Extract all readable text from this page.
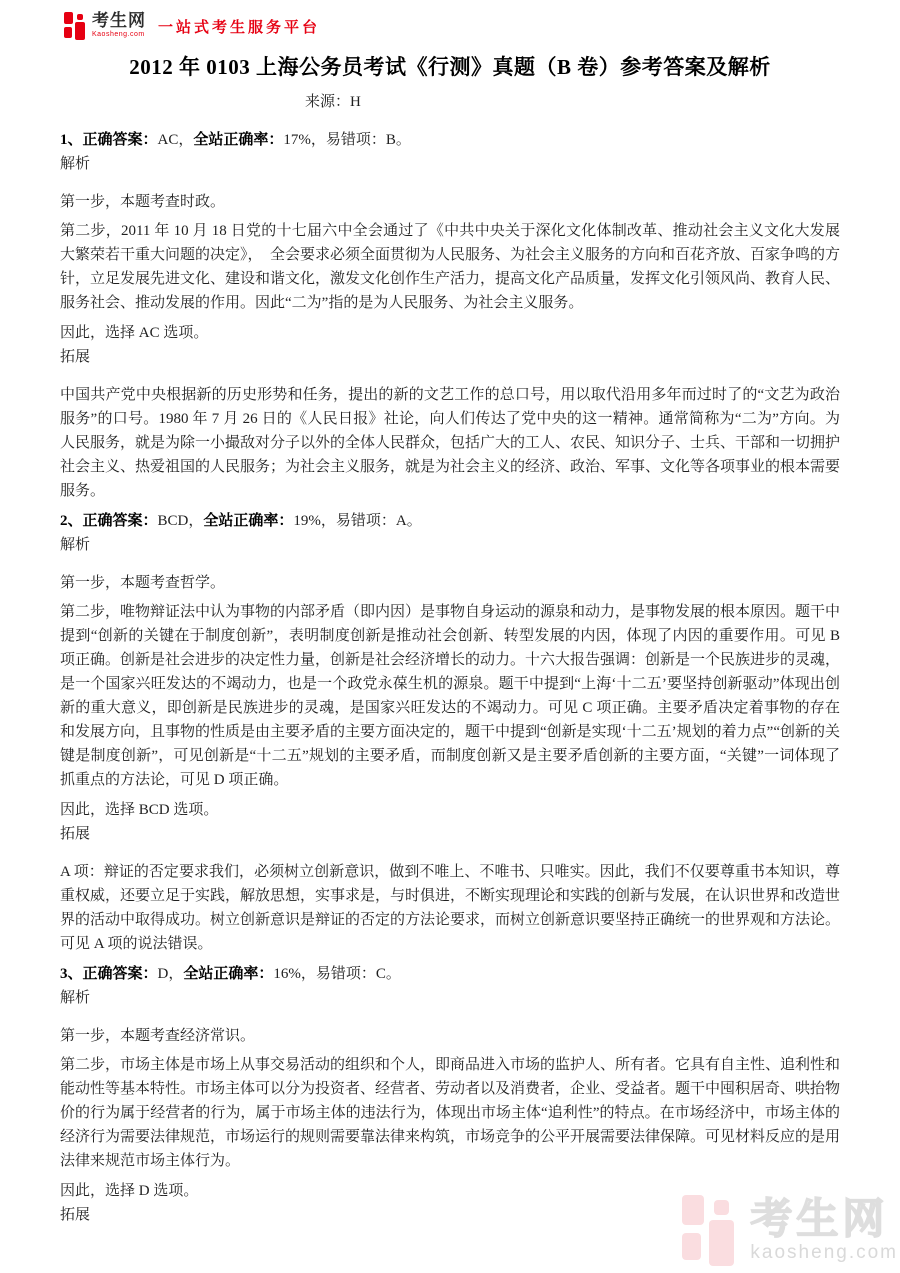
考生网
Kaosheng.com 一站式考生服务平台
2012 年 0103 上海公务员考试《行测》真题（B 卷）参考答案及解析

来源：H

1、正确答案：AC，全站正确率：17%，易错项：B。

解析

第一步，本题考查时政。

第二步，2011 年 10 月 18 日党的十七届六中全会通过了《中共中央关于深化文化体制改革、推动社会主义文化大发展大繁荣若干重大问题的决定》，　全会要求必须全面贯彻为人民服务、为社会主义服务的方向和百花齐放、百家争鸣的方针，立足发展先进文化、建设和谐文化，激发文化创作生产活力，提高文化产品质量，发挥文化引领风尚、教育人民、服务社会、推动发展的作用。因此“二为”指的是为人民服务、为社会主义服务。

因此，选择 AC 选项。

拓展

中国共产党中央根据新的历史形势和任务，提出的新的文艺工作的总口号，用以取代沿用多年而过时了的“文艺为政治服务”的口号。1980 年 7 月 26 日的《人民日报》社论，向人们传达了党中央的这一精神。通常简称为“二为”方向。为人民服务，就是为除一小撮敌对分子以外的全体人民群众，包括广大的工人、农民、知识分子、士兵、干部和一切拥护社会主义、热爱祖国的人民服务；为社会主义服务，就是为社会主义的经济、政治、军事、文化等各项事业的根本需要服务。

2、正确答案：BCD，全站正确率：19%，易错项：A。

解析

第一步，本题考查哲学。

第二步，唯物辩证法中认为事物的内部矛盾（即内因）是事物自身运动的源泉和动力，是事物发展的根本原因。题干中提到“创新的关键在于制度创新”，表明制度创新是推动社会创新、转型发展的内因，体现了内因的重要作用。可见 B 项正确。创新是社会进步的决定性力量，创新是社会经济增长的动力。十六大报告强调：创新是一个民族进步的灵魂，是一个国家兴旺发达的不竭动力，也是一个政党永葆生机的源泉。题干中提到“上海‘十二五’要坚持创新驱动”体现出创新的重大意义，即创新是民族进步的灵魂，是国家兴旺发达的不竭动力。可见 C 项正确。主要矛盾决定着事物的存在和发展方向，且事物的性质是由主要矛盾的主要方面决定的，题干中提到“创新是实现‘十二五’规划的着力点”“创新的关键是制度创新”，可见创新是“十二五”规划的主要矛盾，而制度创新又是主要矛盾创新的主要方面，“关键”一词体现了抓重点的方法论，可见 D 项正确。

因此，选择 BCD 选项。

拓展

A 项：辩证的否定要求我们，必须树立创新意识，做到不唯上、不唯书、只唯实。因此，我们不仅要尊重书本知识，尊重权威，还要立足于实践，解放思想，实事求是，与时俱进，不断实现理论和实践的创新与发展，在认识世界和改造世界的活动中取得成功。树立创新意识是辩证的否定的方法论要求，而树立创新意识要坚持正确统一的世界观和方法论。可见 A 项的说法错误。

3、正确答案：D，全站正确率：16%，易错项：C。

解析

第一步，本题考查经济常识。

第二步，市场主体是市场上从事交易活动的组织和个人，即商品进入市场的监护人、所有者。它具有自主性、追利性和能动性等基本特性。市场主体可以分为投资者、经营者、劳动者以及消费者，企业、受益者。题干中囤积居奇、哄抬物价的行为属于经营者的行为，属于市场主体的违法行为，体现出市场主体“追利性”的特点。在市场经济中，市场主体的经济行为需要法律规范，市场运行的规则需要靠法律来构筑，市场竞争的公平开展需要法律保障。可见材料反应的是用法律来规范市场主体行为。

因此，选择 D 选项。

拓展	考生网
kaosheng.com
